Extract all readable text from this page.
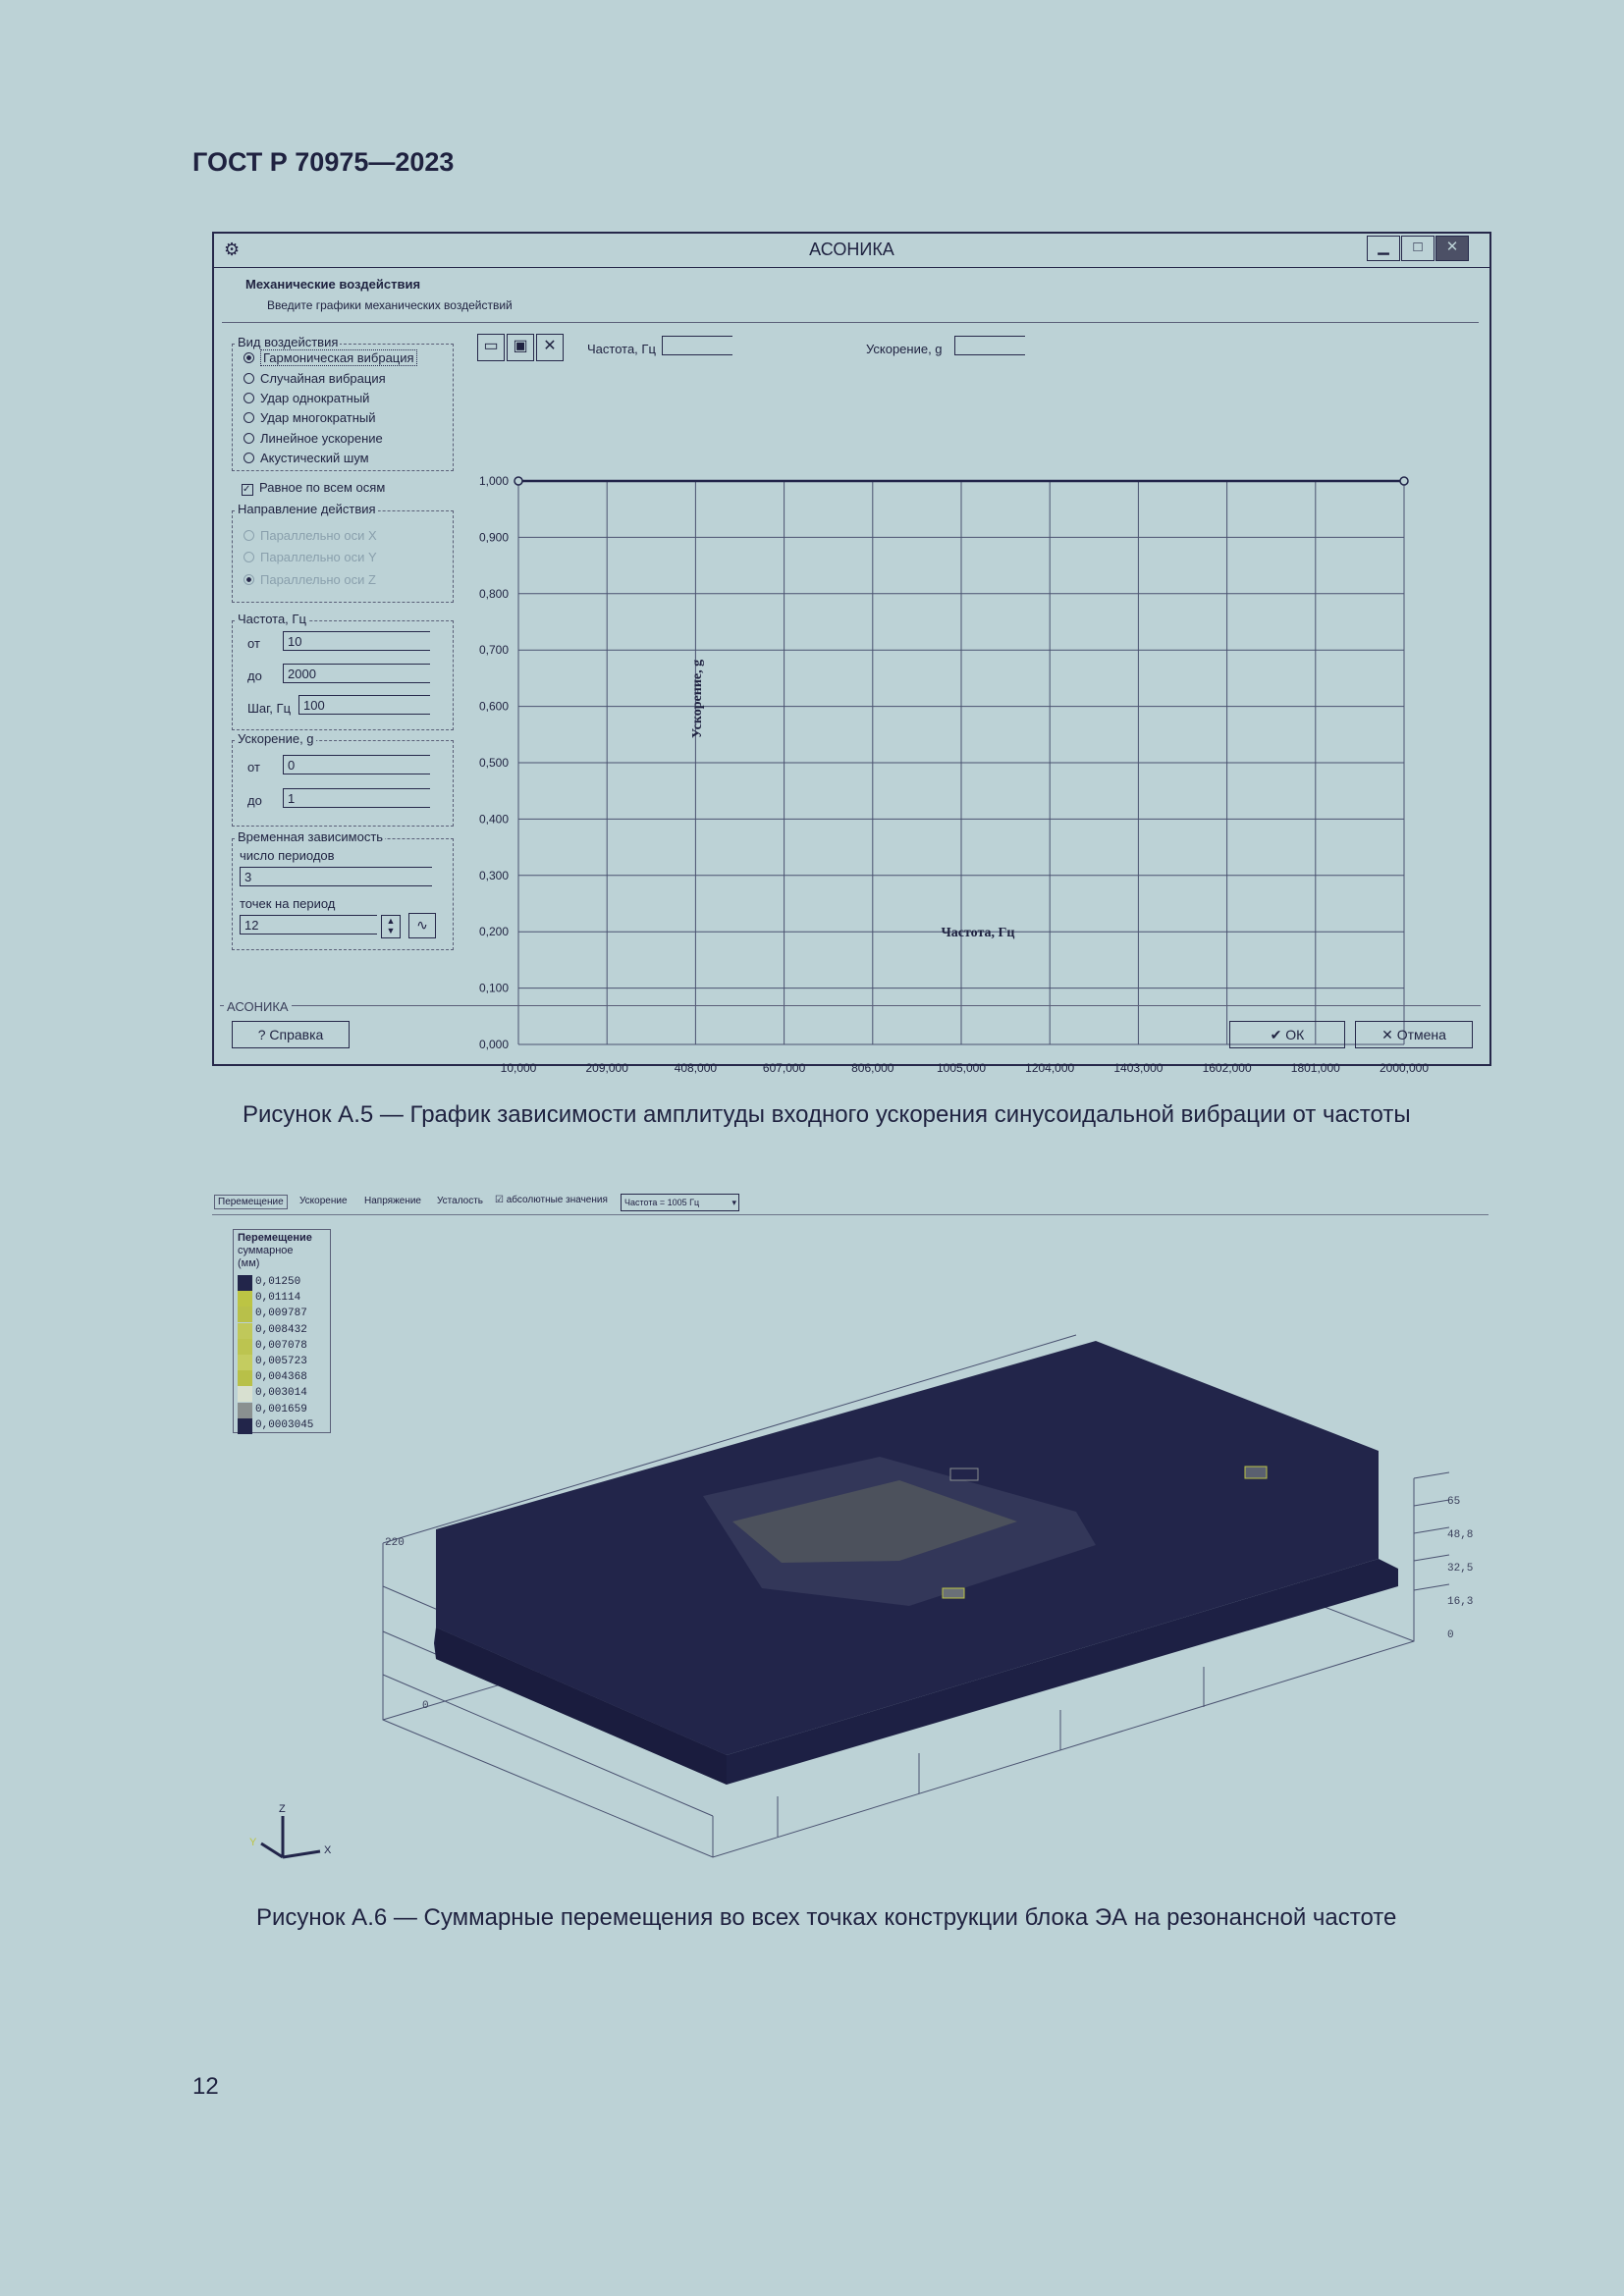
ГОСТ Р 70975—2023
⚙	АСОНИКА	▁	□	✕
Механические воздействия
Введите графики механических воздействий
Вид воздействия
Гармоническая вибрация
Случайная вибрация
Удар однократный
Удар многократный
Линейное ускорение
Акустический шум
✓ Равное по всем осям
Направление действия
Параллельно оси X
Параллельно оси Y
Параллельно оси Z
Частота, Гц
от	10
до	2000
Шаг, Гц 100
Ускорение, g
от	0
до	1
Временная зависимость
число периодов
3
точек на период
12	▲
▼	∿
▭ ▣ ✕	Частота, Гц	Ускорение, g
10,000	209,000	408,000	607,000	806,000	1005,000	1204,000	1403,000	1602,000	1801,000	2000,000
0,000
0,100
0,200
0,300
0,400
0,500
0,600
0,700
0,800
0,900
1,000
Частота, Гц
Ускорение, g
АСОНИКА
? Справка	✔ ОК	✕ Отмена
Рисунок А.5 — График зависимости амплитуды входного ускорения синусоидальной вибрации от частоты
Перемещение	Ускорение	Напряжение	Усталость	☑ абсолютные значения	Частота = 1005 Гц	▾
Перемещение
суммарное
(мм)
0,01250
0,01114
0,009787
0,008432
0,007078
0,005723
0,004368
0,003014
0,001659
0,0003045
65
48,8
32,5
16,3
0
220
0
Z
X
Y
Рисунок А.6 — Суммарные перемещения во всех точках конструкции блока ЭА на резонансной частоте
12
